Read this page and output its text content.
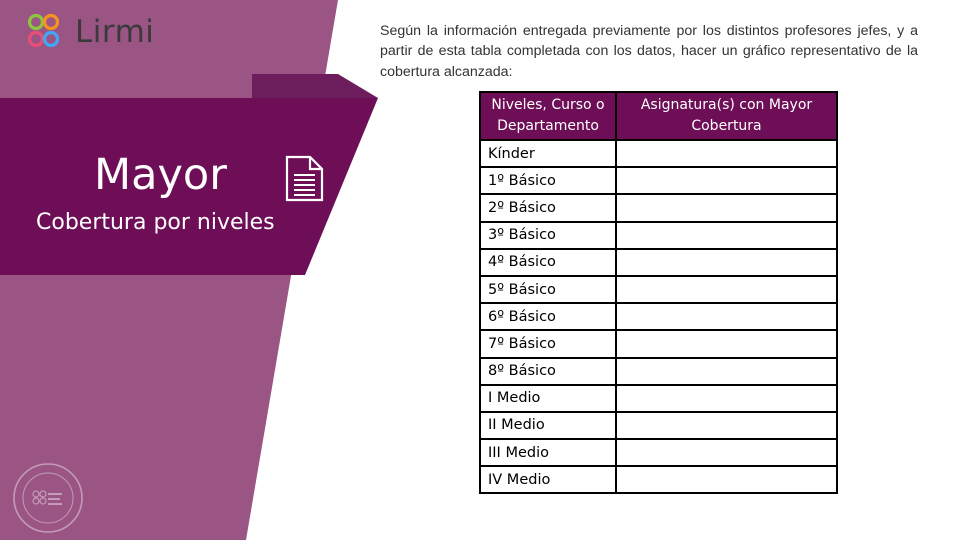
Lirmi
Mayor
Cobertura por niveles
Según la información entregada previamente por los distintos profesores jefes, y a partir de esta tabla completada con los datos, hacer un gráfico representativo de la cobertura alcanzada:
Niveles, Curso o Departamento	Asignatura(s) con Mayor Cobertura
Kínder	
1º Básico	
2º Básico	
3º Básico	
4º Básico	
5º Básico	
6º Básico	
7º Básico	
8º Básico	
I Medio	
II Medio	
III Medio	
IV Medio	
